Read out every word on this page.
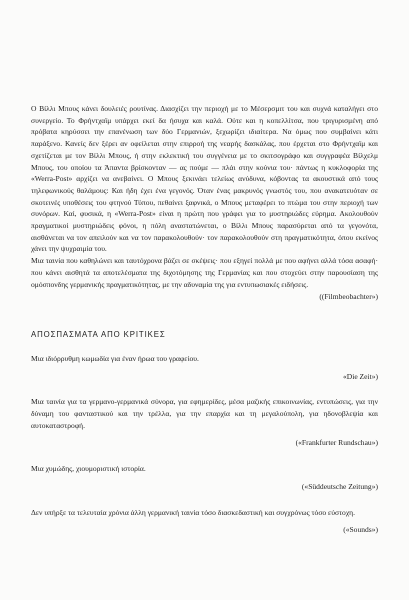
Ο Βίλλι Μπους κάνει δουλειές ρουτίνας. Διασχίζει την περιοχή με το Μέσερσμιτ του και συχνά καταλήγει στο συνεργείο. Το Φρήντχαϊμ υπάρχει εκεί δα ήσυχα και καλά. Ούτε και η κοπελλίτσα, που τριγυρισμένη από πρόβατα κηρύσσει την επανένωση των δύο Γερμανιών, ξεχωρίζει ιδιαίτερα. Να όμως που συμβαίνει κάτι παράξενο. Κανείς δεν ξέρει αν οφείλεται στην επιρροή της νεαρής δασκάλας, που έρχεται στο Φρήντχαϊμ και σχετίζεται με τον Βίλλι Μπους, ή στην εκλεκτική του συγγένεια με το σκιτσογράφο και συγγραφέα Βίλχελμ Μπους, του οποίου τα Άπαντα βρίσκονταν — ας πούμε — πλάι στην κούνια του· πάντως η κυκλοφορία της «Werra-Post» αρχίζει να ανεβαίνει. Ο Μπους ξεκινάει τελείως ανύδυνα, κόβοντας τα ακουστικά από τους τηλεφωνικούς θαλάμους: Και ήδη έχει ένα γεγονός. Όταν ένας μακρυνός γνωστός του, που ανακατευόταν σε σκοτεινές υποθέσεις του φτηνού Τύπου, πεθαίνει ξαφνικά, ο Μπους μεταφέρει το πτώμα του στην περιοχή των συνόρων. Καί, φυσικά, η «Werra-Post» είναι η πρώτη που γράφει για το μυστηριώδες εύρημα. Ακολουθούν πραγματικοί μυστηριώδεις φόνοι, η πόλη αναστατώνεται, ο Βίλλι Μπους παρασύρεται από τα γεγονότα, αισθάνεται να τον απειλούν και να τον παρακολουθούν· τον παρακολουθούν στη πραγματικότητα, όπου εκείνος χάνει την ψυχραιμία του.

Μια ταινία που καθηλώνει και ταυτόχρονα βάζει σε σκέψεις· που εξηγεί πολλά με που αφήνει αλλά τόσα ασαφή· που κάνει αισθητά τα αποτελέσματα της διχοτόμησης της Γερμανίας και που στοχεύει στην παρουσίαση της ομόσπονδης γερμανικής πραγματικότητας, με την αδυναμία της για εντυπωσιακές ειδήσεις.

((Filmbeobachter»)
ΑΠΟΣΠΑΣΜΑΤΑ ΑΠΟ ΚΡΙΤΙΚΕΣ

Μια ιδιόρρυθμη κωμωδία για έναν ήρωα του γραφείου.

«Die Zeit»)

Μια ταινία για τα γερμανο-γερμανικά σύνορα, για εφημερίδες, μέσα μαζικής επικοινωνίας, εντυπώσεις, για την δύναμη του φανταστικού και την τρέλλα, για την επαρχία και τη μεγαλούπολη, για ηδονοβλεψία και αυτοκαταστροφή.

(«Frankfurter Rundschau»)

Μια χυμώδης, χιουμοριστική ιστορία.

(«Süddeutsche Zeitung»)

Δεν υπήρξε τα τελευταία χρόνια άλλη γερμανική ταινία τόσο διασκεδαστική και συγχρόνως τόσο εύστοχη.

(«Sounds»)
